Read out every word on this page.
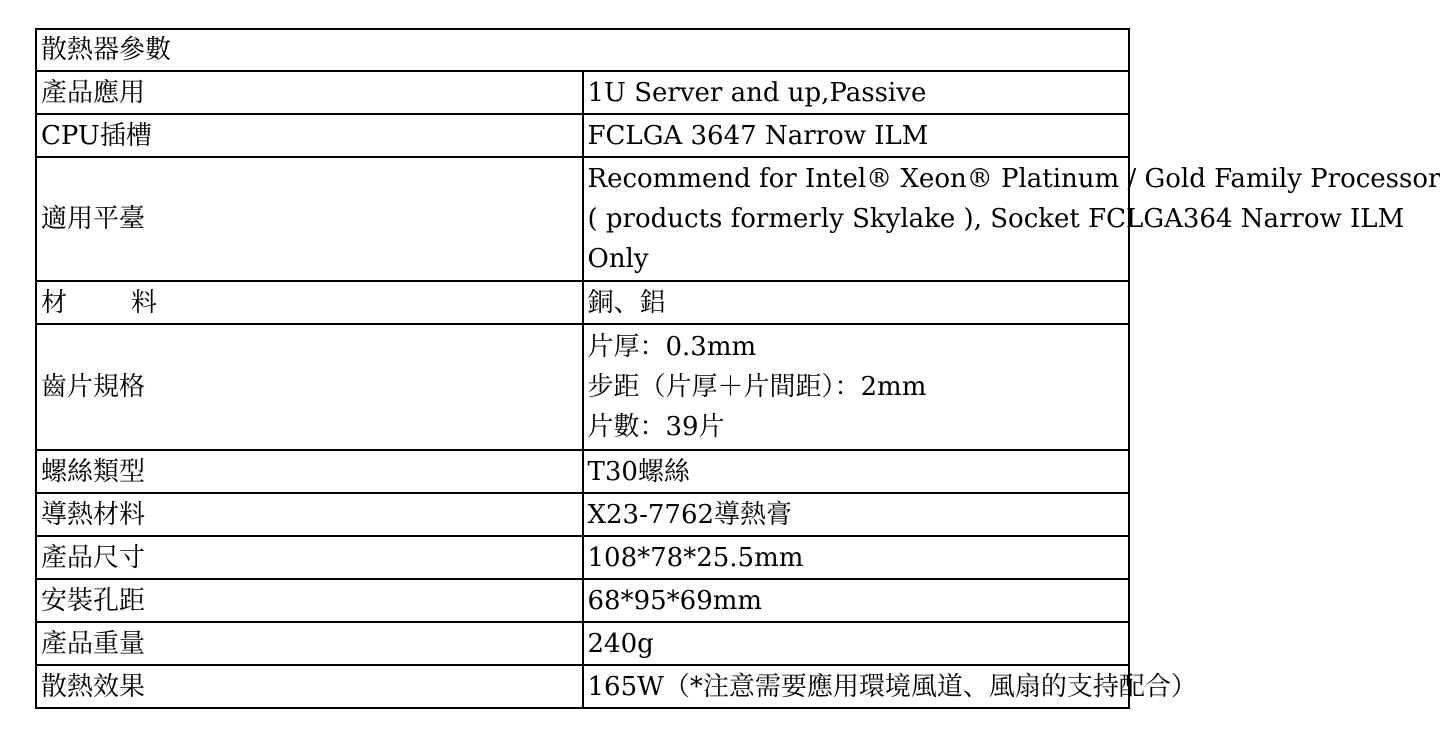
散熱器參數	
產品應用	1U Server and up,Passive
CPU插槽	FCLGA 3647 Narrow ILM
適用平臺	Recommend for Intel® Xeon® Platinum / Gold Family Processor
( products formerly Skylake ), Socket FCLGA364 Narrow ILM
Only

材 料	銅、鋁
齒片規格	片厚：0.3mm
步距（片厚＋片間距）：2mm
片數：39片

螺絲類型	T30螺絲
導熱材料	X23-7762導熱膏
產品尺寸	108*78*25.5mm
安裝孔距	68*95*69mm
產品重量	240g
散熱效果	165W（*注意需要應用環境風道、風扇的支持配合）
